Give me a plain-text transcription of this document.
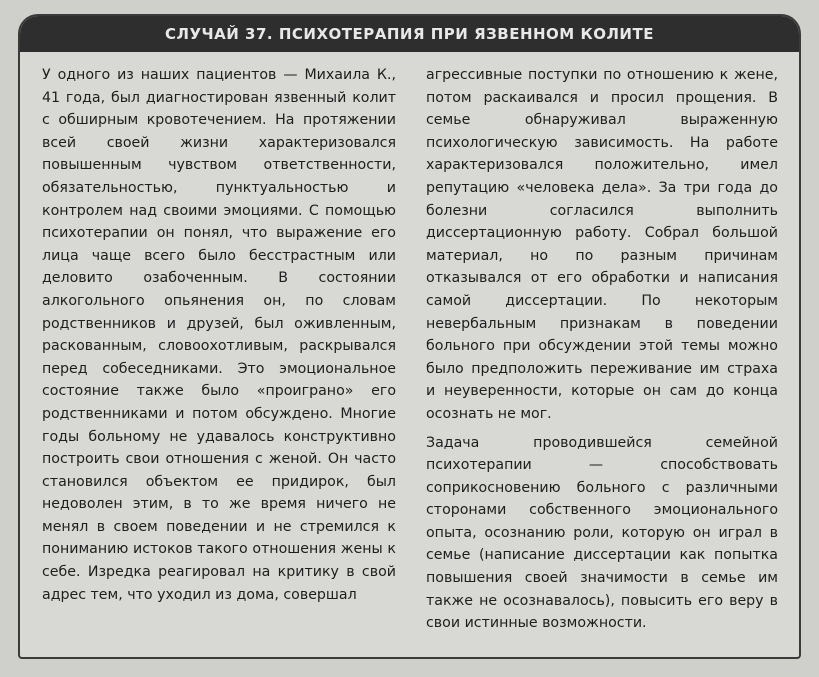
СЛУЧАЙ 37. ПСИХОТЕРАПИЯ ПРИ ЯЗВЕННОМ КОЛИТЕ

У одного из наших пациентов — Михаила К., 41 года, был диагностирован язвенный колит с обширным кровотечением. На протяжении всей своей жизни характеризовался повышенным чувством ответственности, обязательностью, пунктуальностью и контролем над своими эмоциями. С помощью психотерапии он понял, что выражение его лица чаще всего было бесстрастным или деловито озабоченным. В состоянии алкогольного опьянения он, по словам родственников и друзей, был оживленным, раскованным, словоохотливым, раскрывался перед собеседниками. Это эмоциональное состояние также было «проиграно» его родственниками и потом обсуждено. Многие годы больному не удавалось конструктивно построить свои отношения с женой. Он часто становился объектом ее придирок, был недоволен этим, в то же время ничего не менял в своем поведении и не стремился к пониманию истоков такого отношения жены к себе. Изредка реагировал на критику в свой адрес тем, что уходил из дома, совершал

агрессивные поступки по отношению к жене, потом раскаивался и просил прощения. В семье обнаруживал выраженную психологическую зависимость. На работе характеризовался положительно, имел репутацию «человека дела». За три года до болезни согласился выполнить диссертационную работу. Собрал большой материал, но по разным причинам отказывался от его обработки и написания самой диссертации. По некоторым невербальным признакам в поведении больного при обсуждении этой темы можно было предположить переживание им страха и неуверенности, которые он сам до конца осознать не мог.

Задача проводившейся семейной психотерапии — способствовать соприкосновению больного с различными сторонами собственного эмоционального опыта, осознанию роли, которую он играл в семье (написание диссертации как попытка повышения своей значимости в семье им также не осознавалось), повысить его веру в свои истинные возможности.
